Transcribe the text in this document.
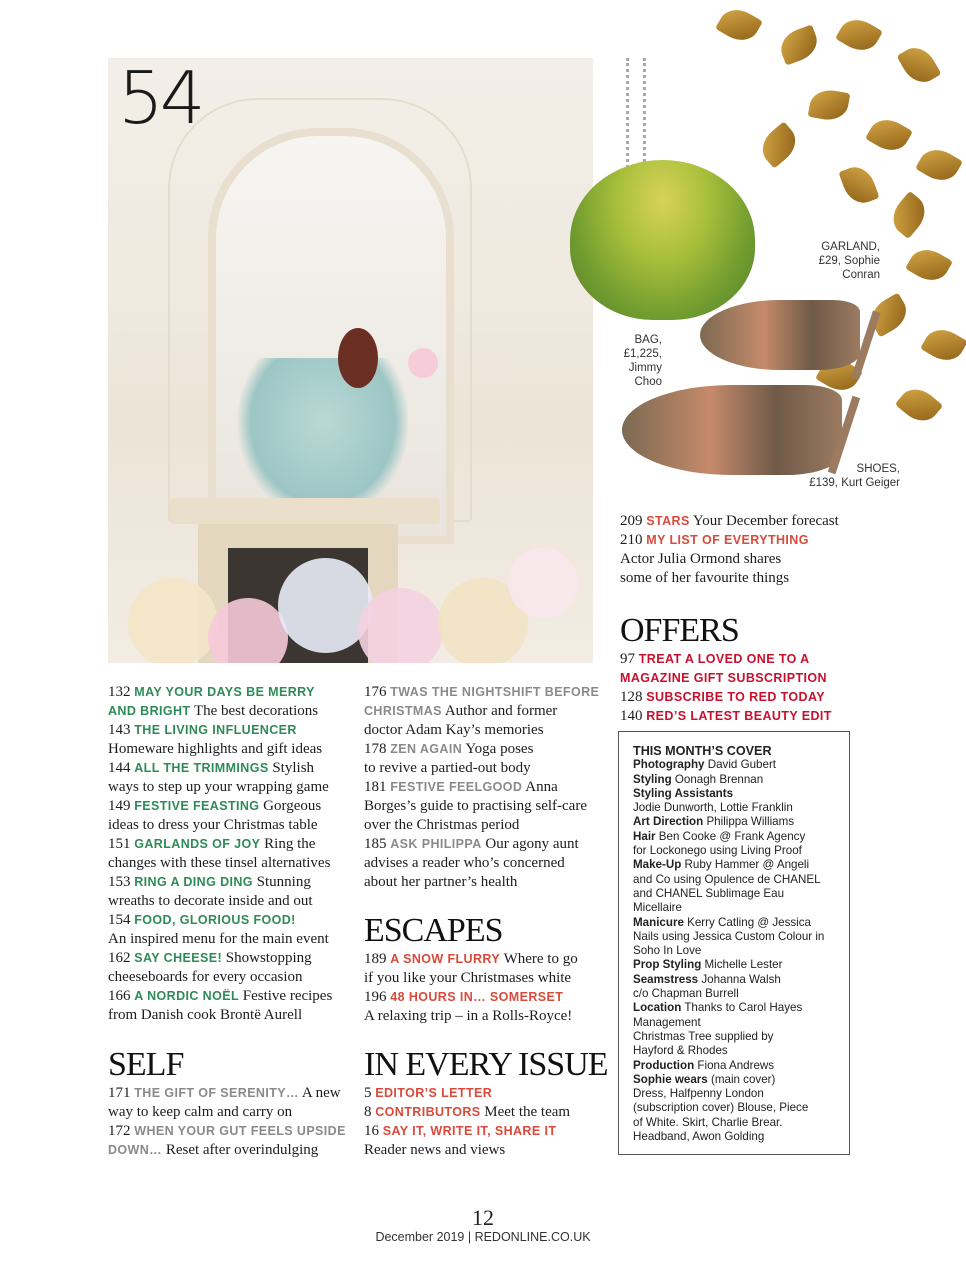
54
GARLAND,
£29, Sophie
Conran
BAG,
£1,225,
Jimmy
Choo
SHOES,
£139, Kurt Geiger

209 STARS Your December forecast

210 MY LIST OF EVERYTHING

Actor Julia Ormond shares

some of her favourite things

OFFERS

97 TREAT A LOVED ONE TO A

MAGAZINE GIFT SUBSCRIPTION

128 SUBSCRIBE TO RED TODAY

140 RED’S LATEST BEAUTY EDIT

132 MAY YOUR DAYS BE MERRY

AND BRIGHT The best decorations

143 THE LIVING INFLUENCER

Homeware highlights and gift ideas

144 ALL THE TRIMMINGS Stylish

ways to step up your wrapping game

149 FESTIVE FEASTING Gorgeous

ideas to dress your Christmas table

151 GARLANDS OF JOY Ring the

changes with these tinsel alternatives

153 RING A DING DING Stunning

wreaths to decorate inside and out

154 FOOD, GLORIOUS FOOD!

An inspired menu for the main event

162 SAY CHEESE! Showstopping

cheeseboards for every occasion

166 A NORDIC NOËL Festive recipes

from Danish cook Brontë Aurell

SELF

171 THE GIFT OF SERENITY… A new

way to keep calm and carry on

172 WHEN YOUR GUT FEELS UPSIDE

DOWN… Reset after overindulging

176 TWAS THE NIGHTSHIFT BEFORE

CHRISTMAS Author and former

doctor Adam Kay’s memories

178 ZEN AGAIN Yoga poses

to revive a partied-out body

181 FESTIVE FEELGOOD Anna

Borges’s guide to practising self-care

over the Christmas period

185 ASK PHILIPPA Our agony aunt

advises a reader who’s concerned

about her partner’s health

ESCAPES

189 A SNOW FLURRY Where to go

if you like your Christmases white

196 48 HOURS IN… SOMERSET

A relaxing trip – in a Rolls-Royce!

IN EVERY ISSUE

5 EDITOR’S LETTER

8 CONTRIBUTORS Meet the team

16 SAY IT, WRITE IT, SHARE IT

Reader news and views

THIS MONTH’S COVER
Photography David Gubert
Styling Oonagh Brennan
Styling Assistants
Jodie Dunworth, Lottie Franklin
Art Direction Philippa Williams
Hair Ben Cooke @ Frank Agency
for Lockonego using Living Proof
Make-Up Ruby Hammer @ Angeli
and Co using Opulence de CHANEL
and CHANEL Sublimage Eau
Micellaire
Manicure Kerry Catling @ Jessica
Nails using Jessica Custom Colour in
Soho In Love
Prop Styling Michelle Lester
Seamstress Johanna Walsh
c/o Chapman Burrell
Location Thanks to Carol Hayes
Management
Christmas Tree supplied by
Hayford & Rhodes
Production Fiona Andrews
Sophie wears (main cover)
Dress, Halfpenny London
(subscription cover) Blouse, Piece
of White. Skirt, Charlie Brear.
Headband, Awon Golding
12
December 2019 | REDONLINE.CO.UK
